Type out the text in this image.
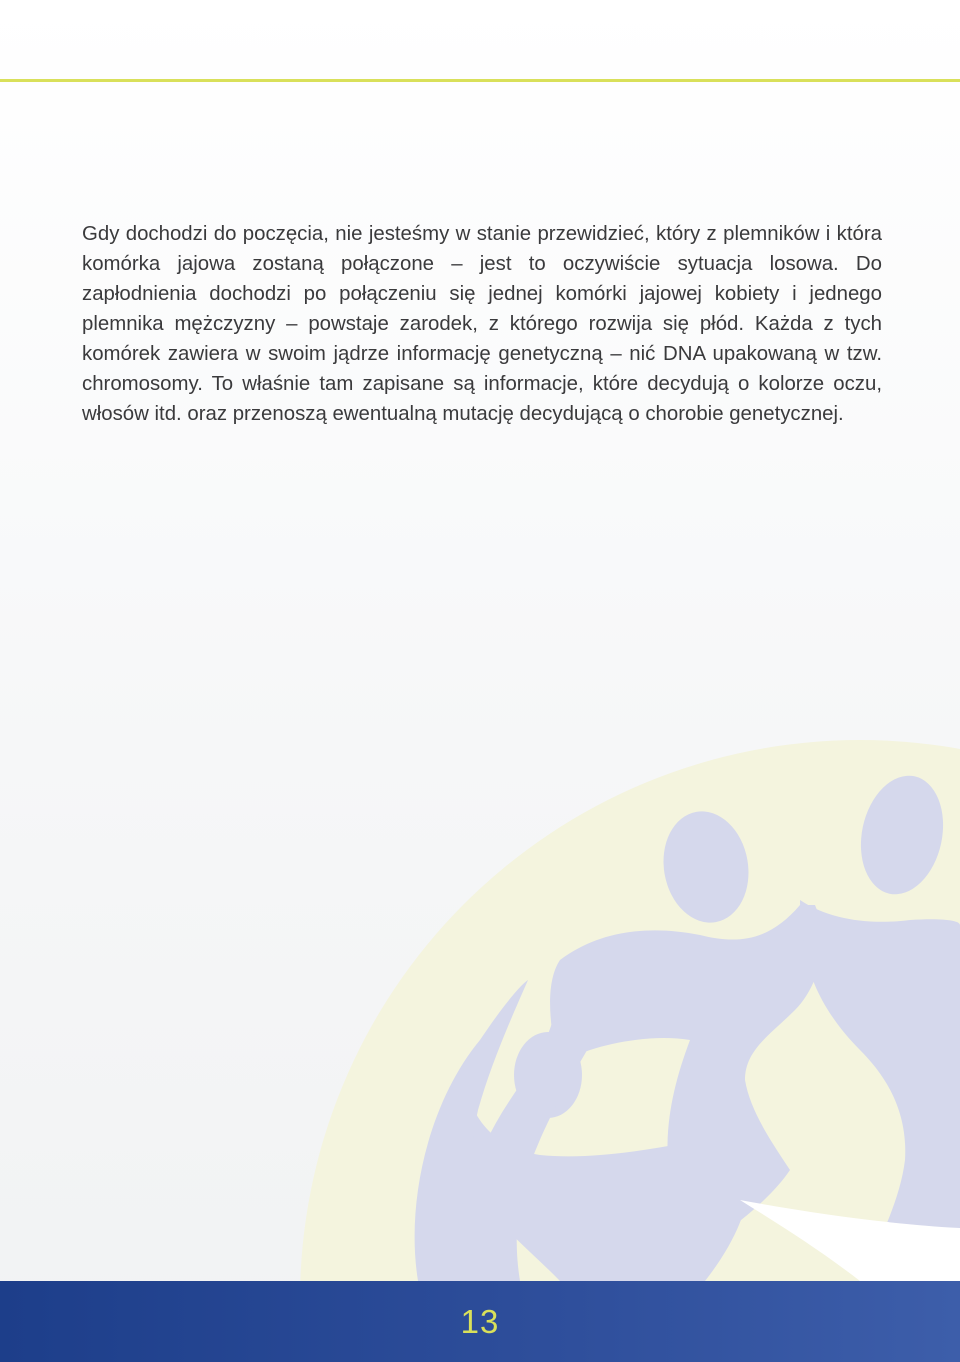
Gdy dochodzi do poczęcia, nie jesteśmy w stanie przewidzieć, który z plemników i która komórka jajowa zostaną połączone – jest to oczywiście sytuacja losowa. Do zapłodnienia dochodzi po połączeniu się jednej komórki jajowej kobiety i jednego plemnika mężczyzny – powstaje zarodek, z którego rozwija się płód. Każda z tych komórek zawiera w swoim jądrze informację genetyczną – nić DNA upakowaną w tzw. chromosomy. To właśnie tam zapisane są informacje, które decydują o kolorze oczu, włosów itd. oraz przenoszą ewentualną mutację decydującą o chorobie genetycznej.

13
